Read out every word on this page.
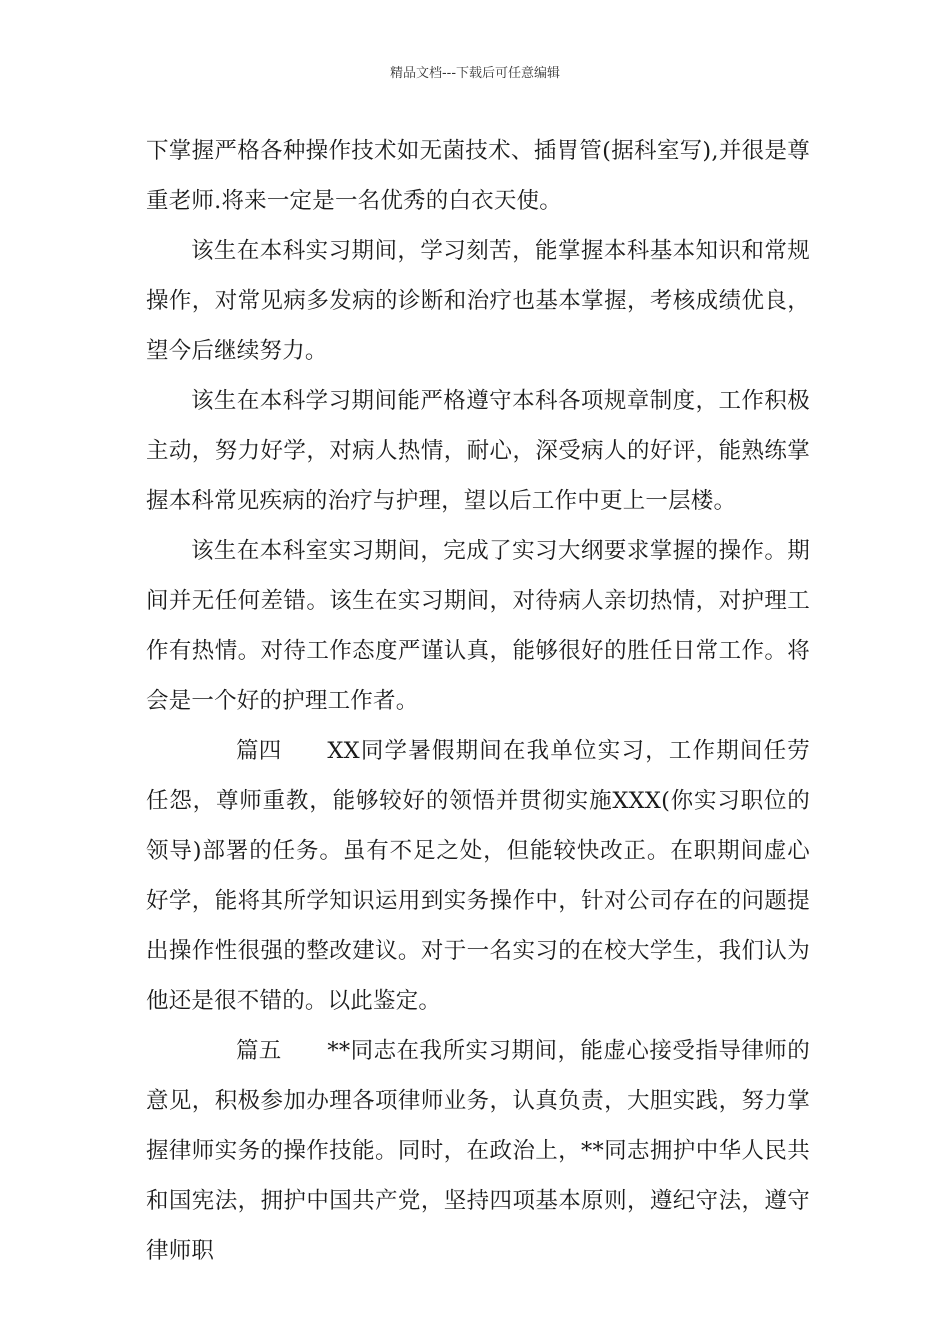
精品文档---下载后可任意编辑

下掌握严格各种操作技术如无菌技术、插胃管(据科室写),并很是尊重老师.将来一定是一名优秀的白衣天使。

该生在本科实习期间，学习刻苦，能掌握本科基本知识和常规操作，对常见病多发病的诊断和治疗也基本掌握，考核成绩优良，望今后继续努力。

该生在本科学习期间能严格遵守本科各项规章制度，工作积极主动，努力好学，对病人热情，耐心，深受病人的好评，能熟练掌握本科常见疾病的治疗与护理，望以后工作中更上一层楼。

该生在本科室实习期间，完成了实习大纲要求掌握的操作。期间并无任何差错。该生在实习期间，对待病人亲切热情，对护理工作有热情。对待工作态度严谨认真，能够很好的胜任日常工作。将会是一个好的护理工作者。

篇四 XX同学暑假期间在我单位实习，工作期间任劳任怨，尊师重教，能够较好的领悟并贯彻实施XXX(你实习职位的领导)部署的任务。虽有不足之处，但能较快改正。在职期间虚心好学，能将其所学知识运用到实务操作中，针对公司存在的问题提出操作性很强的整改建议。对于一名实习的在校大学生，我们认为他还是很不错的。以此鉴定。

篇五 **同志在我所实习期间，能虚心接受指导律师的意见，积极参加办理各项律师业务，认真负责，大胆实践，努力掌握律师实务的操作技能。同时，在政治上，**同志拥护中华人民共和国宪法，拥护中国共产党，坚持四项基本原则，遵纪守法，遵守律师职
